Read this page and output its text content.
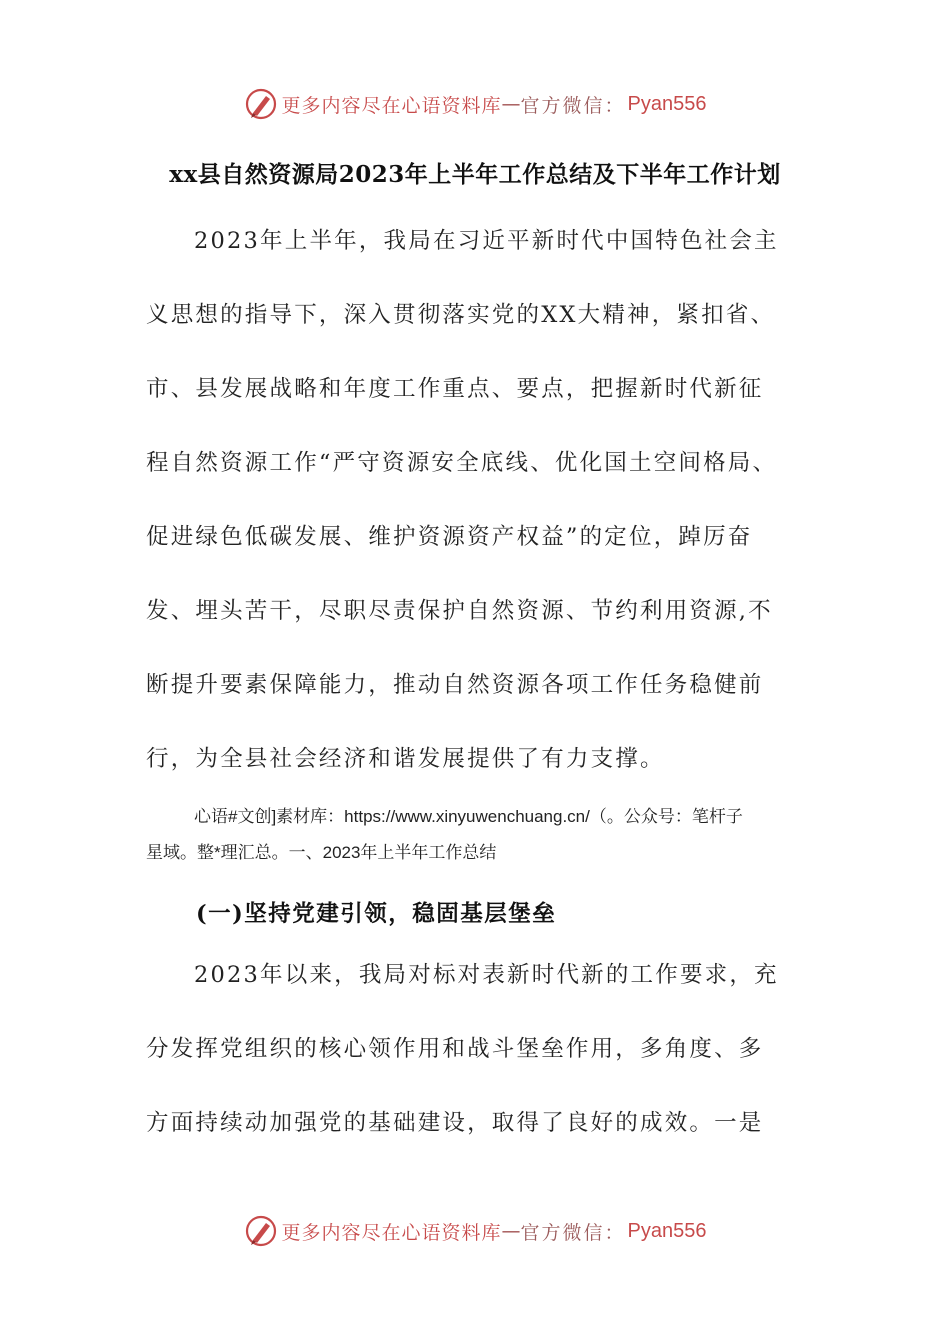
更多内容尽在心语资料库 — 官方微信： Pyan556
xx县自然资源局2023年上半年工作总结及下半年工作计划
2023年上半年，我局在习近平新时代中国特色社会主
义思想的指导下，深入贯彻落实党的XX大精神，紧扣省、
市、县发展战略和年度工作重点、要点，把握新时代新征
程自然资源工作“严守资源安全底线、优化国土空间格局、
促进绿色低碳发展、维护资源资产权益”的定位，踔厉奋
发、埋头苦干，尽职尽责保护自然资源、节约利用资源,不
断提升要素保障能力，推动自然资源各项工作任务稳健前
行，为全县社会经济和谐发展提供了有力支撑。
心语#文创]素材库：https://www.xinyuwenchuang.cn/（。公众号：笔杆子
星域。整*理汇总。一、2023年上半年工作总结
(一)坚持党建引领，稳固基层堡垒
2023年以来，我局对标对表新时代新的工作要求，充
分发挥党组织的核心领作用和战斗堡垒作用，多角度、多
方面持续动加强党的基础建设，取得了良好的成效。一是
更多内容尽在心语资料库 — 官方微信： Pyan556
